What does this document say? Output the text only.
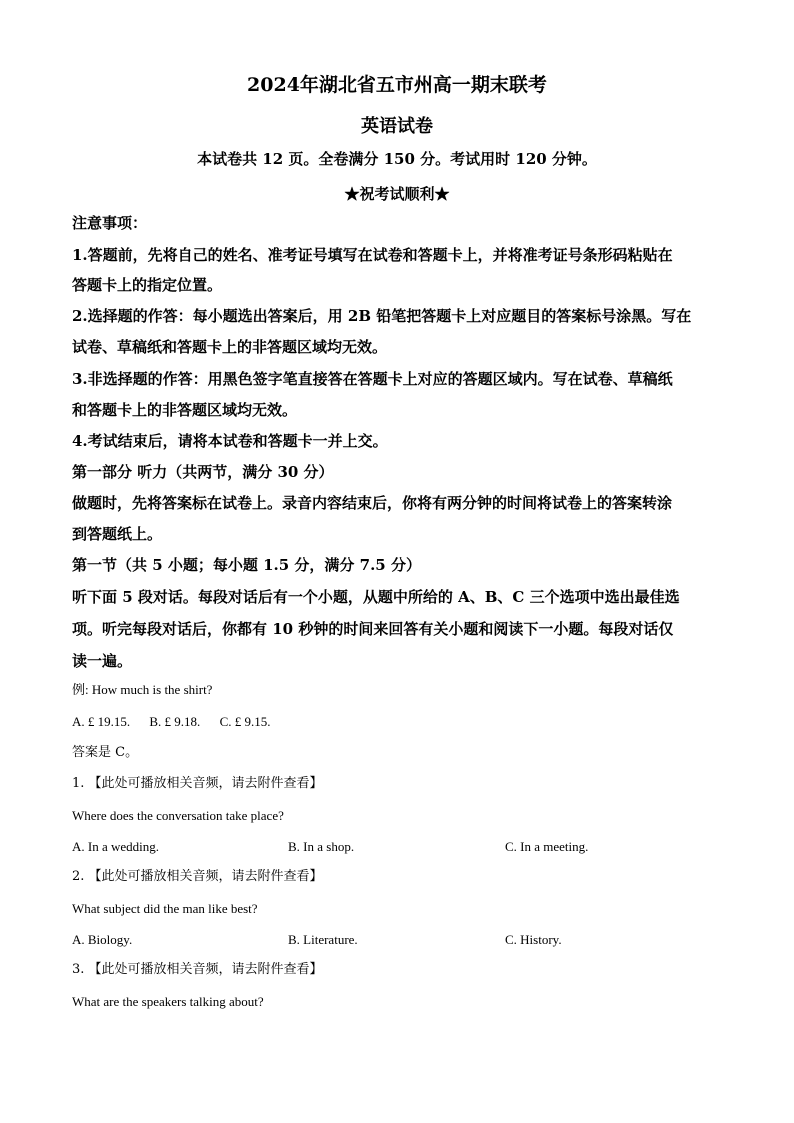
2024年湖北省五市州高一期末联考
英语试卷
本试卷共 12 页。全卷满分 150 分。考试用时 120 分钟。
★祝考试顺利★
注意事项：
1.答题前，先将自己的姓名、准考证号填写在试卷和答题卡上，并将准考证号条形码粘贴在
答题卡上的指定位置。
2.选择题的作答：每小题选出答案后，用 2B 铅笔把答题卡上对应题目的答案标号涂黑。写在
试卷、草稿纸和答题卡上的非答题区域均无效。
3.非选择题的作答：用黑色签字笔直接答在答题卡上对应的答题区域内。写在试卷、草稿纸
和答题卡上的非答题区域均无效。
4.考试结束后，请将本试卷和答题卡一并上交。
第一部分 听力（共两节，满分 30 分）
做题时，先将答案标在试卷上。录音内容结束后，你将有两分钟的时间将试卷上的答案转涂
到答题纸上。
第一节（共 5 小题；每小题 1.5 分，满分 7.5 分）
听下面 5 段对话。每段对话后有一个小题，从题中所给的 A、B、C 三个选项中选出最佳选
项。听完每段对话后，你都有 10 秒钟的时间来回答有关小题和阅读下一小题。每段对话仅
读一遍。
例: How much is the shirt?
A. £ 19.15. B. £ 9.18. C. £ 9.15.
答案是 C。
1. 【此处可播放相关音频，请去附件查看】
Where does the conversation take place?
A. In a wedding.	B. In a shop.	C. In a meeting.
2. 【此处可播放相关音频，请去附件查看】
What subject did the man like best?
A. Biology.	B. Literature.	C. History.
3. 【此处可播放相关音频，请去附件查看】
What are the speakers talking about?
